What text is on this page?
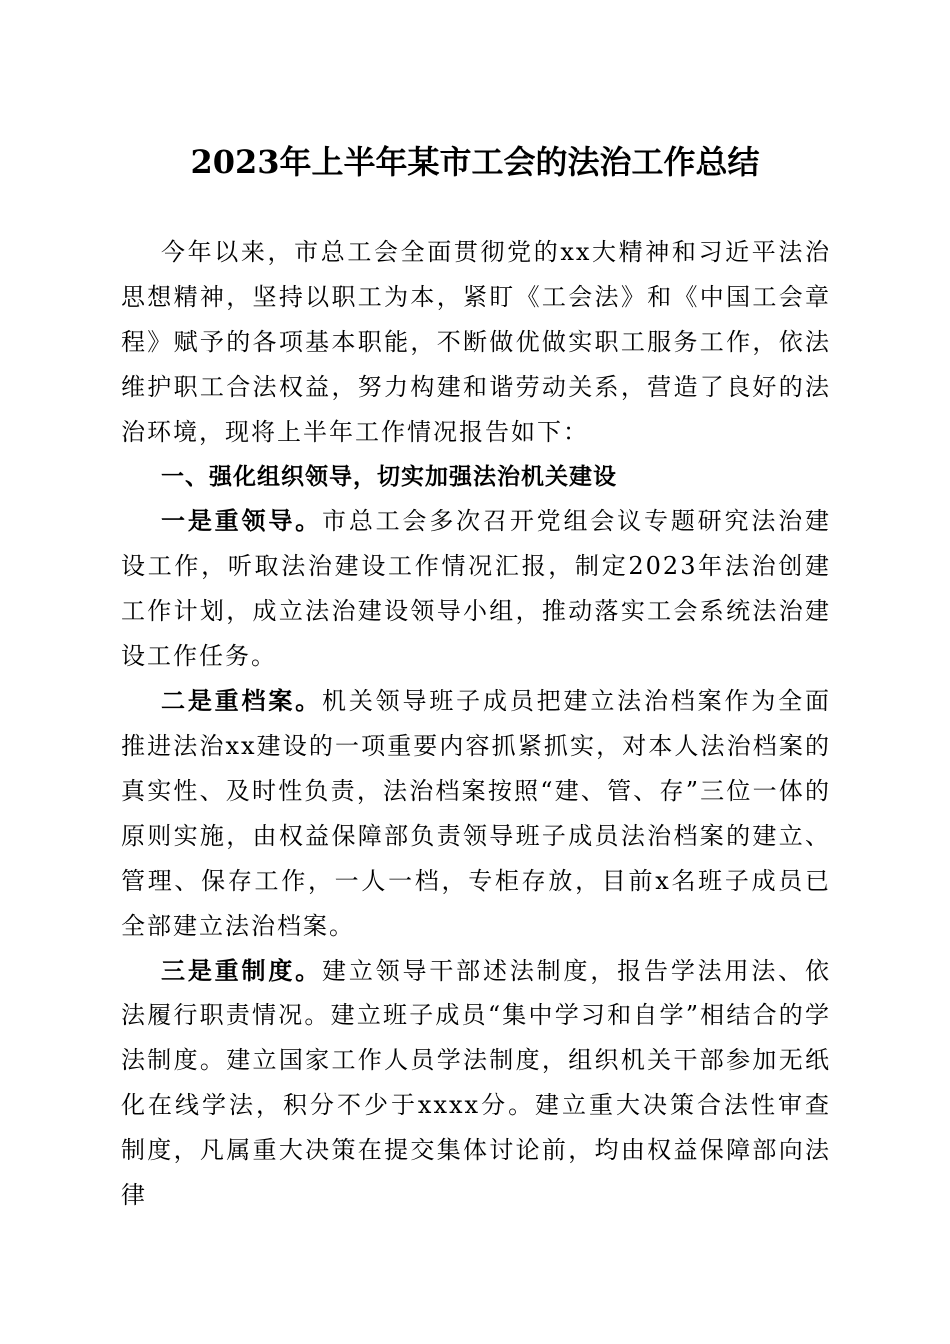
2023年上半年某市工会的法治工作总结

今年以来，市总工会全面贯彻党的xx大精神和习近平法治思想精神，坚持以职工为本，紧盯《工会法》和《中国工会章程》赋予的各项基本职能，不断做优做实职工服务工作，依法维护职工合法权益，努力构建和谐劳动关系，营造了良好的法治环境，现将上半年工作情况报告如下：

一、强化组织领导，切实加强法治机关建设

一是重领导。市总工会多次召开党组会议专题研究法治建设工作，听取法治建设工作情况汇报，制定2023年法治创建工作计划，成立法治建设领导小组，推动落实工会系统法治建设工作任务。

二是重档案。机关领导班子成员把建立法治档案作为全面推进法治xx建设的一项重要内容抓紧抓实，对本人法治档案的真实性、及时性负责，法治档案按照“建、管、存”三位一体的原则实施，由权益保障部负责领导班子成员法治档案的建立、管理、保存工作，一人一档，专柜存放，目前x名班子成员已全部建立法治档案。

三是重制度。建立领导干部述法制度，报告学法用法、依法履行职责情况。建立班子成员“集中学习和自学”相结合的学法制度。建立国家工作人员学法制度，组织机关干部参加无纸化在线学法，积分不少于xxxx分。建立重大决策合法性审查制度，凡属重大决策在提交集体讨论前，均由权益保障部向法律
